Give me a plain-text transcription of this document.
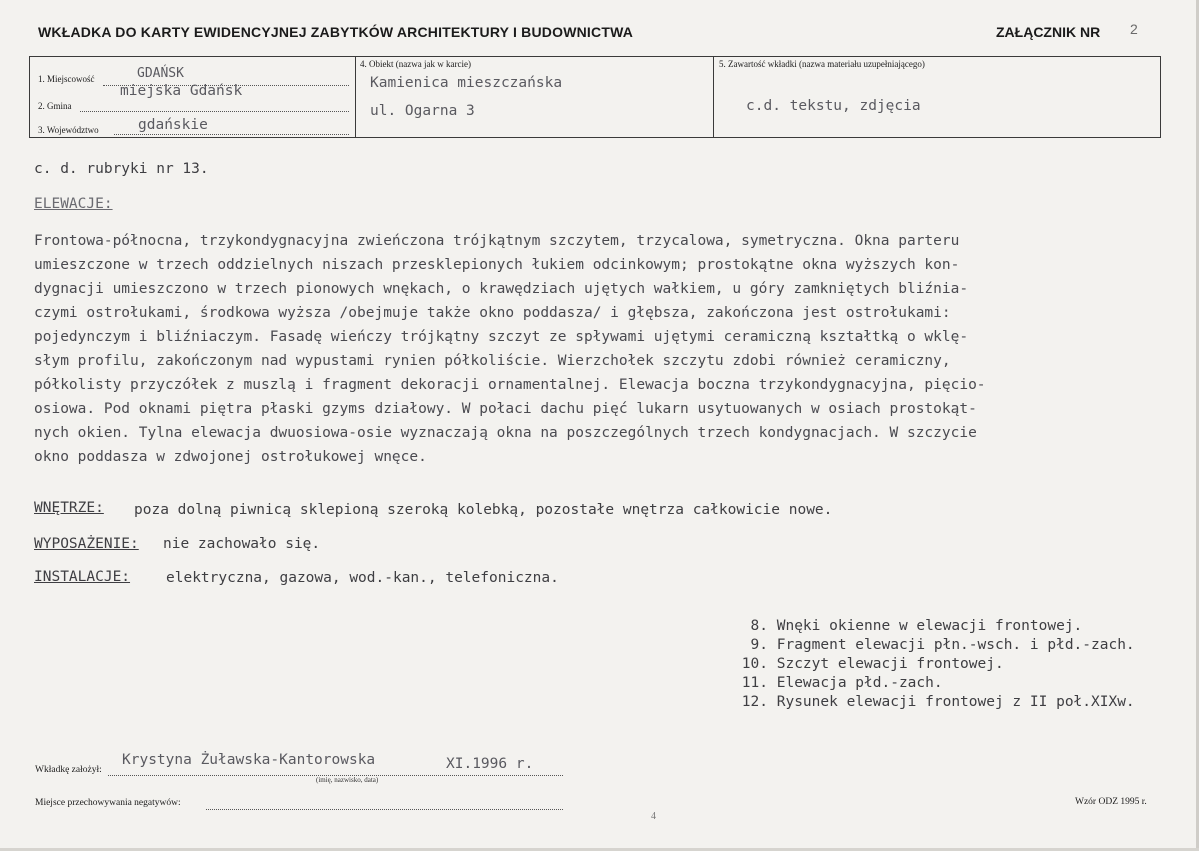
WKŁADKA DO KARTY EWIDENCYJNEJ ZABYTKÓW ARCHITEKTURY I BUDOWNICTWA	ZAŁĄCZNIK NR 2
1. Miejscowość	GDAŃSK
2. Gmina
miejska Gdańsk
3. Województwo	gdańskie
4. Obiekt (nazwa jak w karcie)
Kamienica mieszczańska
ul. Ogarna 3
5. Zawartość wkładki (nazwa materiału uzupełniającego)
c.d. tekstu, zdjęcia
c. d. rubryki nr 13.
ELEWACJE:
Frontowa-północna, trzykondygnacyjna zwieńczona trójkątnym szczytem, trzycalowa, symetryczna. Okna parteru
umieszczone w trzech oddzielnych niszach przesklepionych łukiem odcinkowym; prostokątne okna wyższych kon-
dygnacji umieszczono w trzech pionowych wnękach, o krawędziach ujętych wałkiem, u góry zamkniętych bliźnia-
czymi ostrołukami, środkowa wyższa /obejmuje także okno poddasza/ i głębsza, zakończona jest ostrołukami:
pojedynczym i bliźniaczym. Fasadę wieńczy trójkątny szczyt ze spływami ujętymi ceramiczną kształtką o wklę-
słym profilu, zakończonym nad wypustami rynien półkoliście. Wierzchołek szczytu zdobi również ceramiczny,
półkolisty przyczółek z muszlą i fragment dekoracji ornamentalnej. Elewacja boczna trzykondygnacyjna, pięcio-
osiowa. Pod oknami piętra płaski gzyms działowy. W połaci dachu pięć lukarn usytuowanych w osiach prostokąt-
nych okien. Tylna elewacja dwuosiowa-osie wyznaczają okna na poszczególnych trzech kondygnacjach. W szczycie
okno poddasza w zdwojonej ostrołukowej wnęce.
WNĘTRZE: poza dolną piwnicą sklepioną szeroką kolebką, pozostałe wnętrza całkowicie nowe.
WYPOSAŻENIE: nie zachowało się.
INSTALACJE: elektryczna, gazowa, wod.-kan., telefoniczna.
8. Wnęki okienne w elewacji frontowej.
9. Fragment elewacji płn.-wsch. i płd.-zach.
10. Szczyt elewacji frontowej.
11. Elewacja płd.-zach.
12. Rysunek elewacji frontowej z II poł.XIXw.
Wkładkę założył:
Krystyna Żuławska-Kantorowska	XI.1996 r.
(imię, nazwisko, data)
Miejsce przechowywania negatywów:	Wzór ODZ 1995 r.
4
